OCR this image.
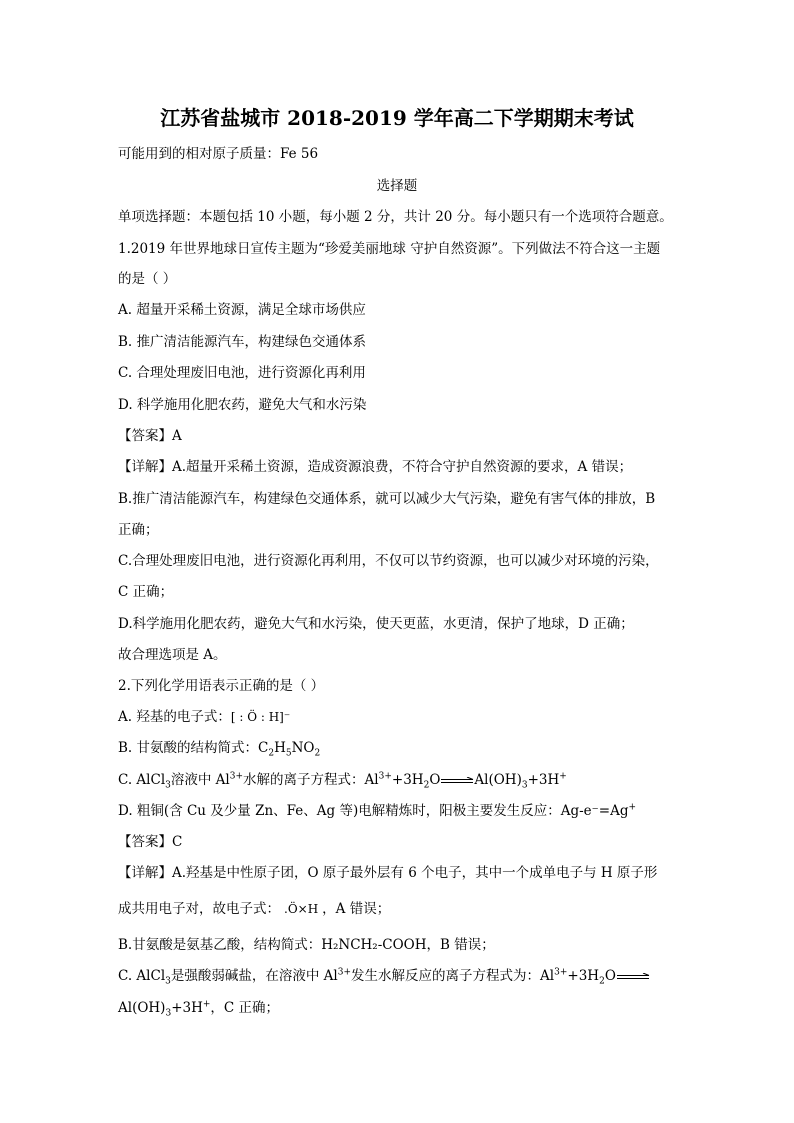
江苏省盐城市 2018-2019 学年高二下学期期末考试
可能用到的相对原子质量：Fe 56
选择题
单项选择题：本题包括 10 小题，每小题 2 分，共计 20 分。每小题只有一个选项符合题意。
1.2019 年世界地球日宣传主题为“珍爱美丽地球 守护自然资源”。下列做法不符合这一主题
的是（ ）
A. 超量开采稀土资源，满足全球市场供应
B. 推广清洁能源汽车，构建绿色交通体系
C. 合理处理废旧电池，进行资源化再利用
D. 科学施用化肥农药，避免大气和水污染
【答案】A
【详解】A.超量开采稀土资源，造成资源浪费，不符合守护自然资源的要求，A 错误；
B.推广清洁能源汽车，构建绿色交通体系，就可以减少大气污染，避免有害气体的排放，B
正确；
C.合理处理废旧电池，进行资源化再利用，不仅可以节约资源，也可以减少对环境的污染，
C 正确；
D.科学施用化肥农药，避免大气和水污染，使天更蓝，水更清，保护了地球，D 正确；
故合理选项是 A。
2.下列化学用语表示正确的是（ ）
A. 羟基的电子式：[ : Ö : H]⁻
B. 甘氨酸的结构简式：$C_2H_5NO_2$
C. AlCl$_3$溶液中 $Al^{3+}$水解的离子方程式：$Al^{3+}+3H_2O$	$Al(OH)_3+3H^+$
D. 粗铜(含 Cu 及少量 Zn、Fe、Ag 等)电解精炼时，阳极主要发生反应：Ag-e⁻=Ag+
【答案】C
【详解】A.羟基是中性原子团，O 原子最外层有 6 个电子，其中一个成单电子与 H 原子形
成共用电子对，故电子式： .Ö×H ，A 错误；
B.甘氨酸是氨基乙酸，结构简式：H₂NCH₂-COOH，B 错误；
C. AlCl$_3$是强酸弱碱盐，在溶液中 $Al^{3+}$发生水解反应的离子方程式为：$Al^{3+}+3H_2O$
$Al(OH)_3+3H^+$，C 正确；
